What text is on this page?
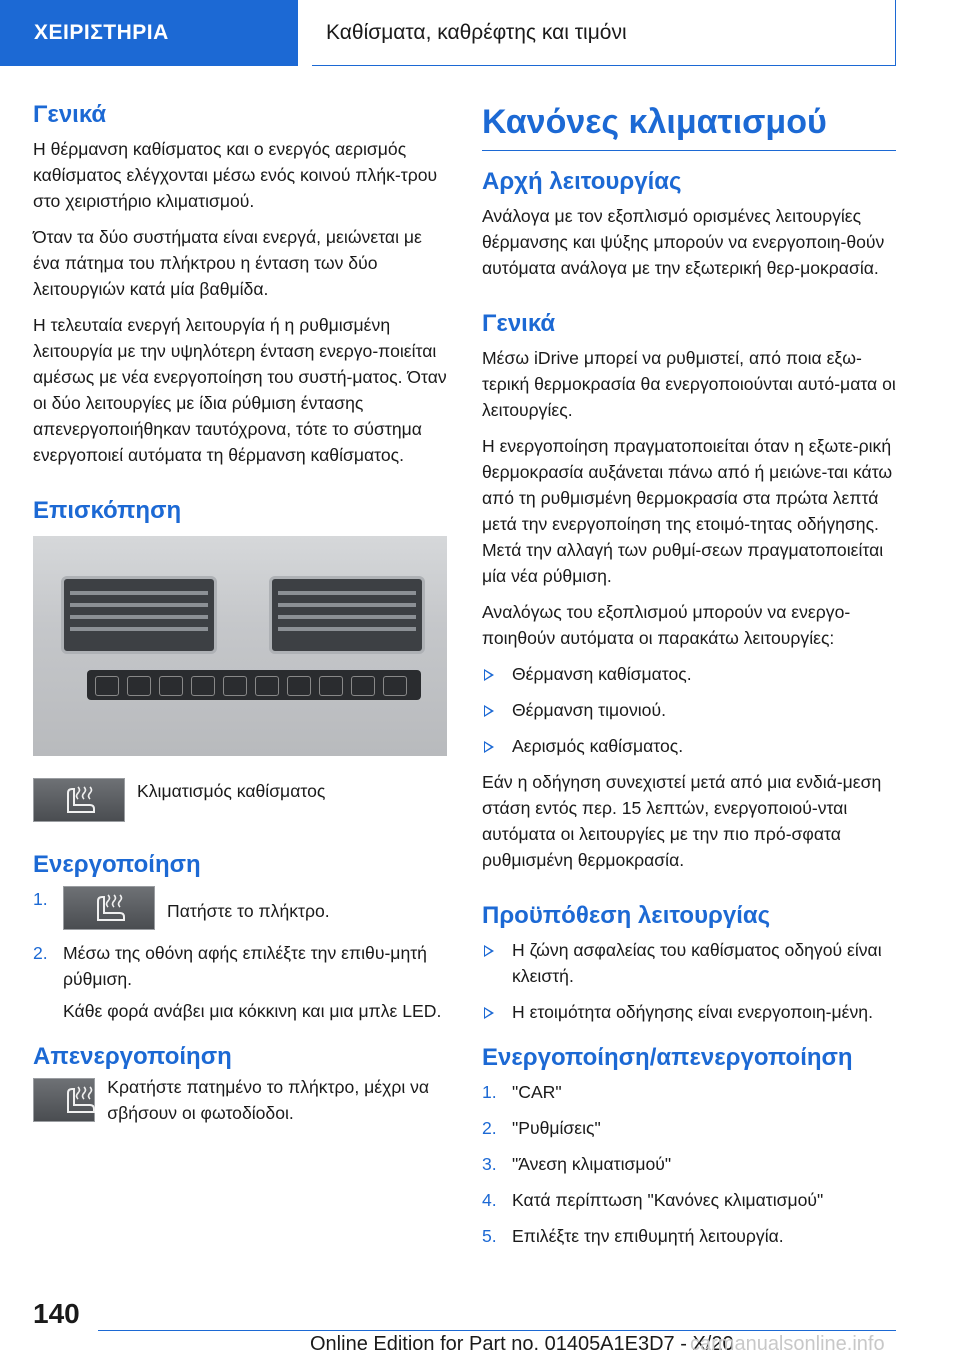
ΧΕΙΡΙΣΤΗΡΙΑ	Καθίσματα, καθρέφτης και τιμόνι
Γενικά

Η θέρμανση καθίσματος και ο ενεργός αερισμός καθίσματος ελέγχονται μέσω ενός κοινού πλήκ-τρου στο χειριστήριο κλιματισμού.

Όταν τα δύο συστήματα είναι ενεργά, μειώνεται με ένα πάτημα του πλήκτρου η ένταση των δύο λειτουργιών κατά μία βαθμίδα.

Η τελευταία ενεργή λειτουργία ή η ρυθμισμένη λειτουργία με την υψηλότερη ένταση ενεργο-ποιείται αμέσως με νέα ενεργοποίηση του συστή-ματος. Όταν οι δύο λειτουργίες με ίδια ρύθμιση έντασης απενεργοποιήθηκαν ταυτόχρονα, τότε το σύστημα ενεργοποιεί αυτόματα τη θέρμανση καθίσματος.

Επισκόπηση
Κλιματισμός καθίσματος
Ενεργοποίηση
1.
Πατήστε το πλήκτρο.
2. Μέσω της οθόνη αφής επιλέξτε την επιθυ-μητή ρύθμιση.

Κάθε φορά ανάβει μια κόκκινη και μια μπλε LED.

Απενεργοποίηση
Κρατήστε πατημένο το πλήκτρο, μέχρι να σβήσουν οι φωτοδίοδοι.
Κανόνες κλιματισμού
Αρχή λειτουργίας

Ανάλογα με τον εξοπλισμό ορισμένες λειτουργίες θέρμανσης και ψύξης μπορούν να ενεργοποιη-θούν αυτόματα ανάλογα με την εξωτερική θερ-μοκρασία.

Γενικά

Μέσω iDrive μπορεί να ρυθμιστεί, από ποια εξω-τερική θερμοκρασία θα ενεργοποιούνται αυτό-ματα οι λειτουργίες.

Η ενεργοποίηση πραγματοποιείται όταν η εξωτε-ρική θερμοκρασία αυξάνεται πάνω από ή μειώνε-ται κάτω από τη ρυθμισμένη θερμοκρασία στα πρώτα λεπτά μετά την ενεργοποίηση της ετοιμό-τητας οδήγησης. Μετά την αλλαγή των ρυθμί-σεων πραγματοποιείται μία νέα ρύθμιση.

Αναλόγως του εξοπλισμού μπορούν να ενεργο-ποιηθούν αυτόματα οι παρακάτω λειτουργίες:

Θέρμανση καθίσματος.
Θέρμανση τιμονιού.
Αερισμός καθίσματος.

Εάν η οδήγηση συνεχιστεί μετά από μια ενδιά-μεση στάση εντός περ. 15 λεπτών, ενεργοποιού-νται αυτόματα οι λειτουργίες με την πιο πρό-σφατα ρυθμισμένη θερμοκρασία.

Προϋπόθεση λειτουργίας
Η ζώνη ασφαλείας του καθίσματος οδηγού είναι κλειστή.
Η ετοιμότητα οδήγησης είναι ενεργοποιη-μένη.
Ενεργοποίηση/απενεργοποίηση
1. "CAR"
2. "Ρυθμίσεις"
3. "Άνεση κλιματισμού"
4. Κατά περίπτωση "Κανόνες κλιματισμού"
5. Επιλέξτε την επιθυμητή λειτουργία.
140
Online Edition for Part no. 01405A1E3D7 - X/20
carmanualsonline.info
